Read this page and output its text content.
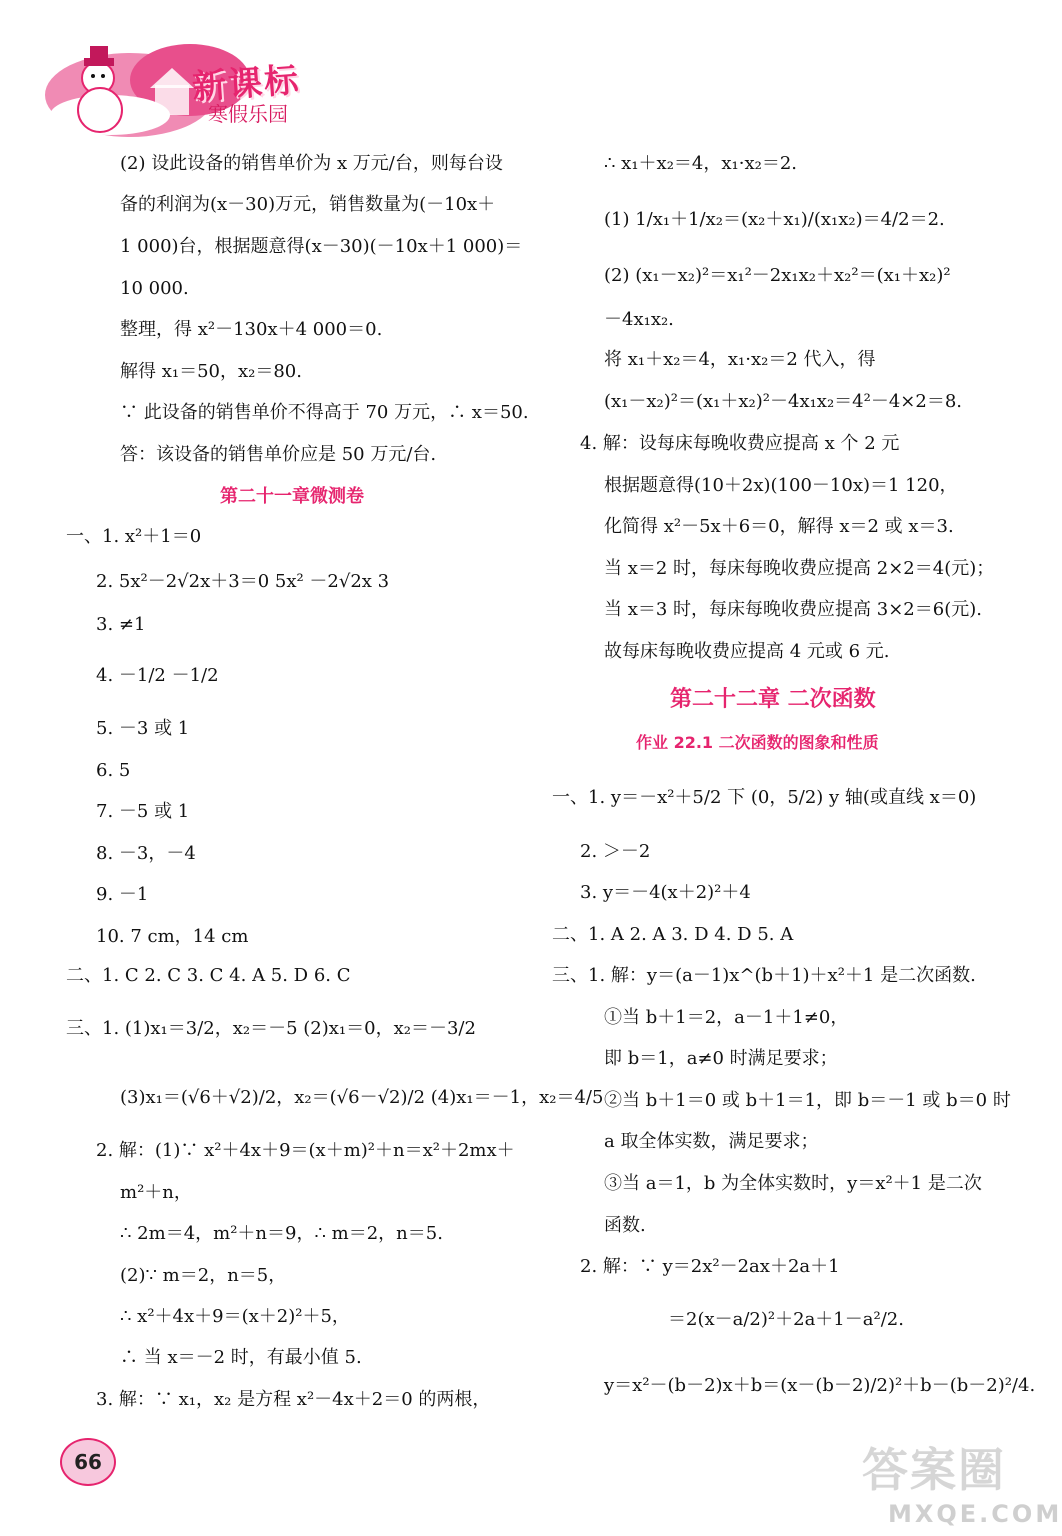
新课标
寒假乐园
(2) 设此设备的销售单价为 x 万元/台，则每台设
备的利润为(x－30)万元，销售数量为(－10x＋
1 000)台，根据题意得(x－30)(－10x＋1 000)＝
10 000.
整理，得 x²－130x＋4 000＝0.
解得 x₁＝50，x₂＝80.
∵ 此设备的销售单价不得高于 70 万元，∴ x＝50.
答：该设备的销售单价应是 50 万元/台.
第二十一章微测卷
一、1. x²＋1＝0
2. 5x²－2√2x＋3＝0 5x² －2√2x 3
3. ≠1
4. －1/2 －1/2
5. －3 或 1
6. 5
7. －5 或 1
8. －3，－4
9. －1
10. 7 cm，14 cm
二、1. C 2. C 3. C 4. A 5. D 6. C
三、1. (1)x₁＝3/2，x₂＝－5 (2)x₁＝0，x₂＝－3/2
(3)x₁＝(√6＋√2)/2，x₂＝(√6－√2)/2 (4)x₁＝－1，x₂＝4/5
2. 解：(1)∵ x²＋4x＋9＝(x＋m)²＋n＝x²＋2mx＋
m²＋n，
∴ 2m＝4，m²＋n＝9，∴ m＝2，n＝5.
(2)∵ m＝2，n＝5，
∴ x²＋4x＋9＝(x＋2)²＋5，
∴ 当 x＝－2 时，有最小值 5.
3. 解：∵ x₁，x₂ 是方程 x²－4x＋2＝0 的两根，
∴ x₁＋x₂＝4，x₁·x₂＝2.
(1) 1/x₁＋1/x₂＝(x₂＋x₁)/(x₁x₂)＝4/2＝2.
(2) (x₁－x₂)²＝x₁²－2x₁x₂＋x₂²＝(x₁＋x₂)²
－4x₁x₂.
将 x₁＋x₂＝4，x₁·x₂＝2 代入，得
(x₁－x₂)²＝(x₁＋x₂)²－4x₁x₂＝4²－4×2＝8.
4. 解：设每床每晚收费应提高 x 个 2 元
根据题意得(10＋2x)(100－10x)＝1 120，
化简得 x²－5x＋6＝0，解得 x＝2 或 x＝3.
当 x＝2 时，每床每晚收费应提高 2×2＝4(元)；
当 x＝3 时，每床每晚收费应提高 3×2＝6(元).
故每床每晚收费应提高 4 元或 6 元.
第二十二章 二次函数
作业 22.1 二次函数的图象和性质
一、1. y＝－x²＋5/2 下 (0，5/2) y 轴(或直线 x＝0)
2. ＞－2
3. y＝－4(x＋2)²＋4
二、1. A 2. A 3. D 4. D 5. A
三、1. 解：y＝(a－1)x^(b＋1)＋x²＋1 是二次函数.
①当 b＋1＝2，a－1＋1≠0，
即 b＝1，a≠0 时满足要求；
②当 b＋1＝0 或 b＋1＝1，即 b＝－1 或 b＝0 时
a 取全体实数，满足要求；
③当 a＝1，b 为全体实数时，y＝x²＋1 是二次
函数.
2. 解：∵ y＝2x²－2ax＋2a＋1
＝2(x－a/2)²＋2a＋1－a²/2.
y＝x²－(b－2)x＋b＝(x－(b－2)/2)²＋b－(b－2)²/4.
66	答案圈
MXQE.COM
